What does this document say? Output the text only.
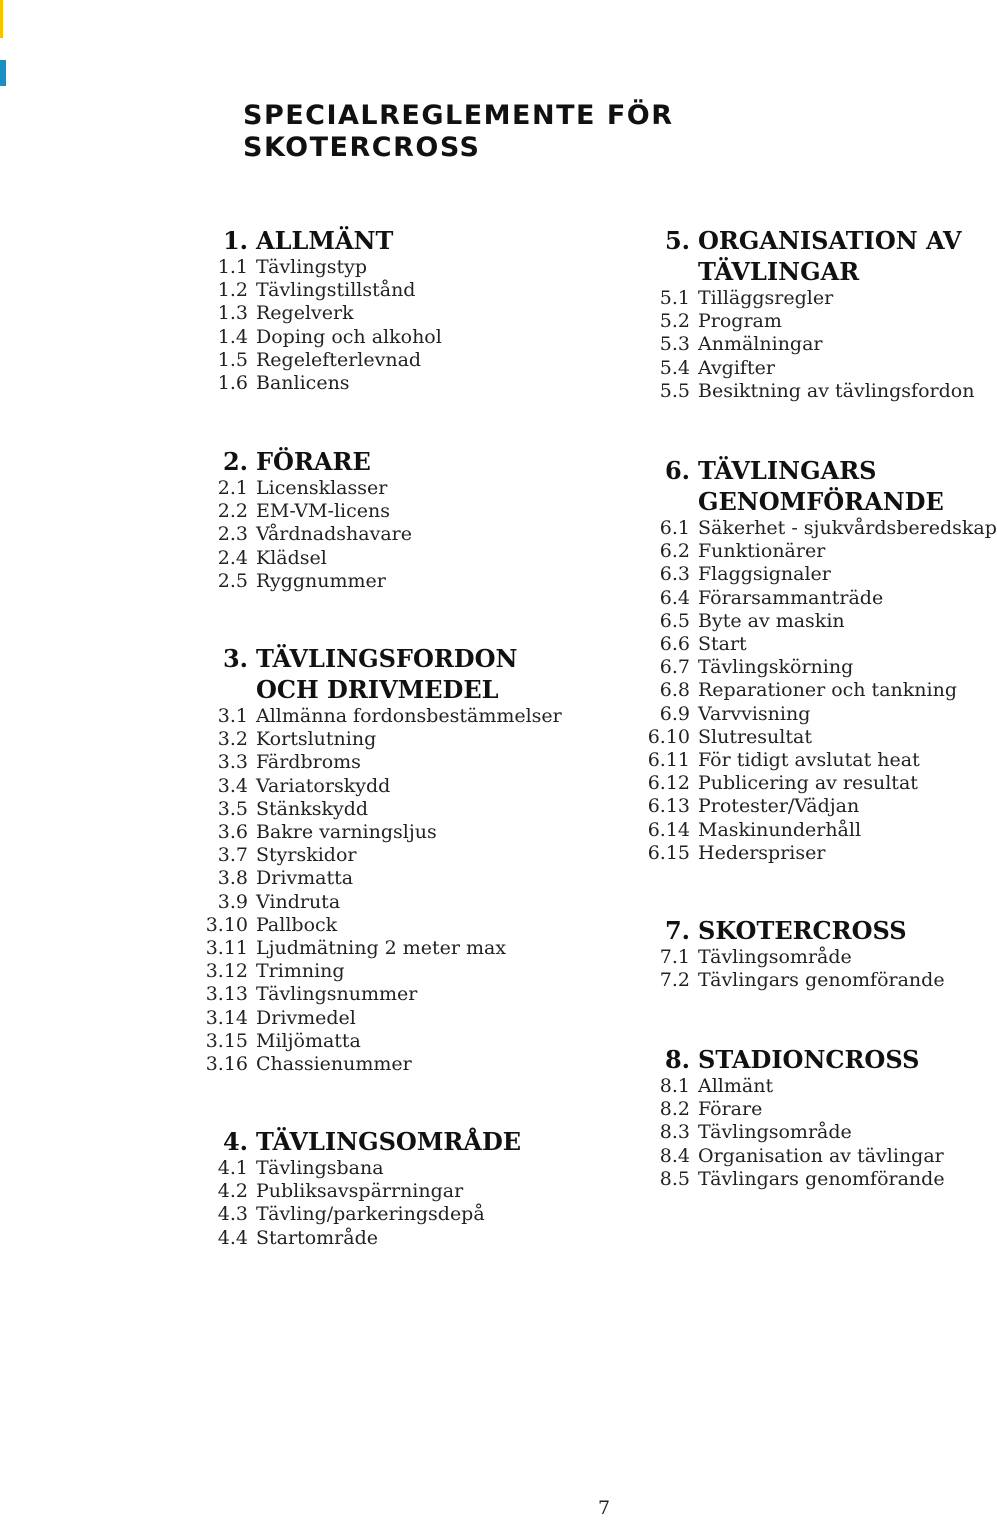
SPECIALREGLEMENTE FÖR SKOTERCROSS
1. ALLMÄNT
1.1 Tävlingstyp
1.2 Tävlingstillstånd
1.3 Regelverk
1.4 Doping och alkohol
1.5 Regelefterlevnad
1.6 Banlicens
2. FÖRARE
2.1 Licensklasser
2.2 EM-VM-licens
2.3 Vårdnadshavare
2.4 Klädsel
2.5 Ryggnummer
3. TÄVLINGSFORDON OCH DRIVMEDEL
3.1 Allmänna fordonsbestämmelser
3.2 Kortslutning
3.3 Färdbroms
3.4 Variatorskydd
3.5 Stänkskydd
3.6 Bakre varningsljus
3.7 Styrskidor
3.8 Drivmatta
3.9 Vindruta
3.10 Pallbock
3.11 Ljudmätning 2 meter max
3.12 Trimning
3.13 Tävlingsnummer
3.14 Drivmedel
3.15 Miljömatta
3.16 Chassienummer
4. TÄVLINGSOMRÅDE
4.1 Tävlingsbana
4.2 Publiksavspärrningar
4.3 Tävling/parkeringsdepå
4.4 Startområde
5. ORGANISATION AV TÄVLINGAR
5.1 Tilläggsregler
5.2 Program
5.3 Anmälningar
5.4 Avgifter
5.5 Besiktning av tävlingsfordon
6. TÄVLINGARS GENOMFÖRANDE
6.1 Säkerhet - sjukvårdsberedskap
6.2 Funktionärer
6.3 Flaggsignaler
6.4 Förarsammanträde
6.5 Byte av maskin
6.6 Start
6.7 Tävlingskörning
6.8 Reparationer och tankning
6.9 Varvvisning
6.10 Slutresultat
6.11 För tidigt avslutat heat
6.12 Publicering av resultat
6.13 Protester/Vädjan
6.14 Maskinunderhåll
6.15 Hederspriser
7. SKOTERCROSS
7.1 Tävlingsområde
7.2 Tävlingars genomförande
8. STADIONCROSS
8.1 Allmänt
8.2 Förare
8.3 Tävlingsområde
8.4 Organisation av tävlingar
8.5 Tävlingars genomförande
7
